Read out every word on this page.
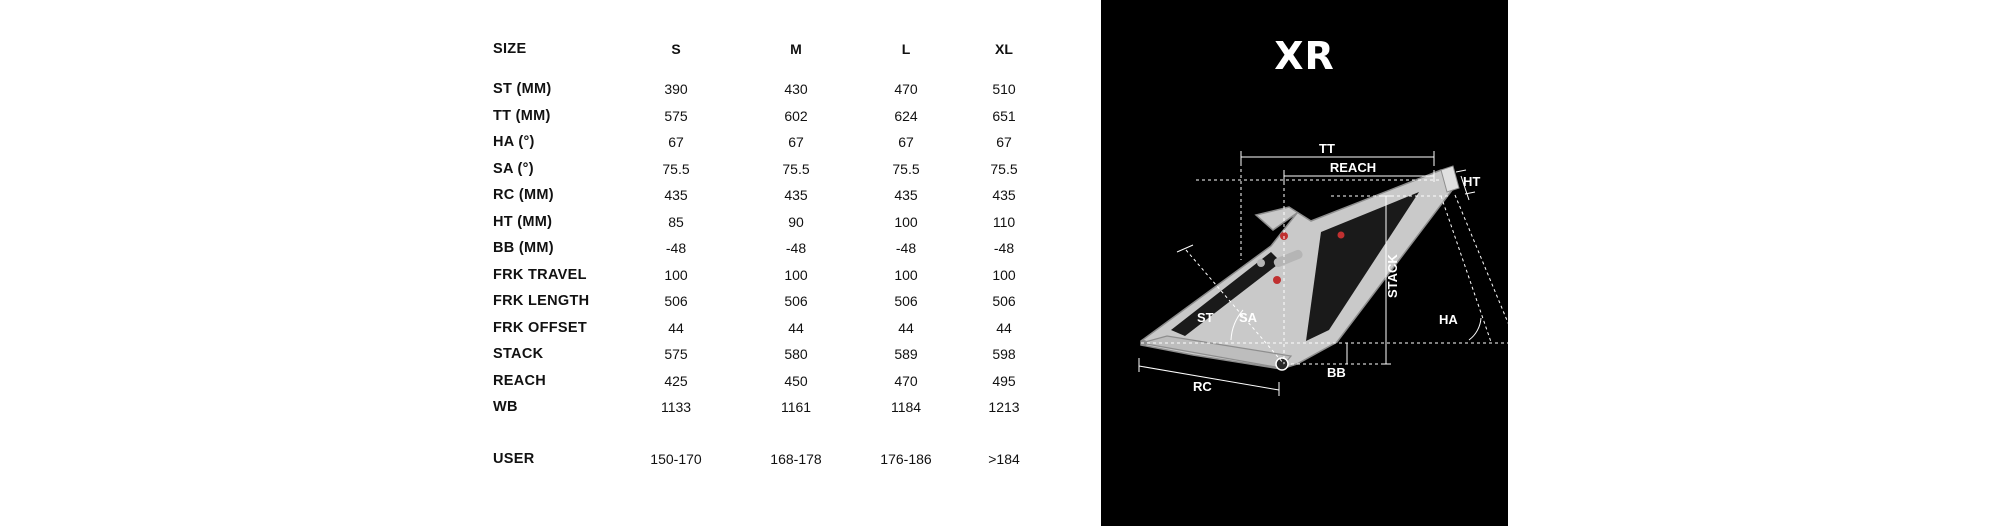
SIZE	S	M	L	XL
ST (MM)	390	430	470	510
TT (MM)	575	602	624	651
HA (°)	67	67	67	67
SA (°)	75.5	75.5	75.5	75.5
RC (MM)	435	435	435	435
HT (MM)	85	90	100	110
BB (MM)	-48	-48	-48	-48
FRK TRAVEL	100	100	100	100
FRK LENGTH	506	506	506	506
FRK OFFSET	44	44	44	44
STACK	575	580	589	598
REACH	425	450	470	495
WB	1133	1161	1184	1213
USER	150-170	168-178	176-186	>184
XR
TT
REACH
HT
STACK
ST SA	HA
BB
RC
